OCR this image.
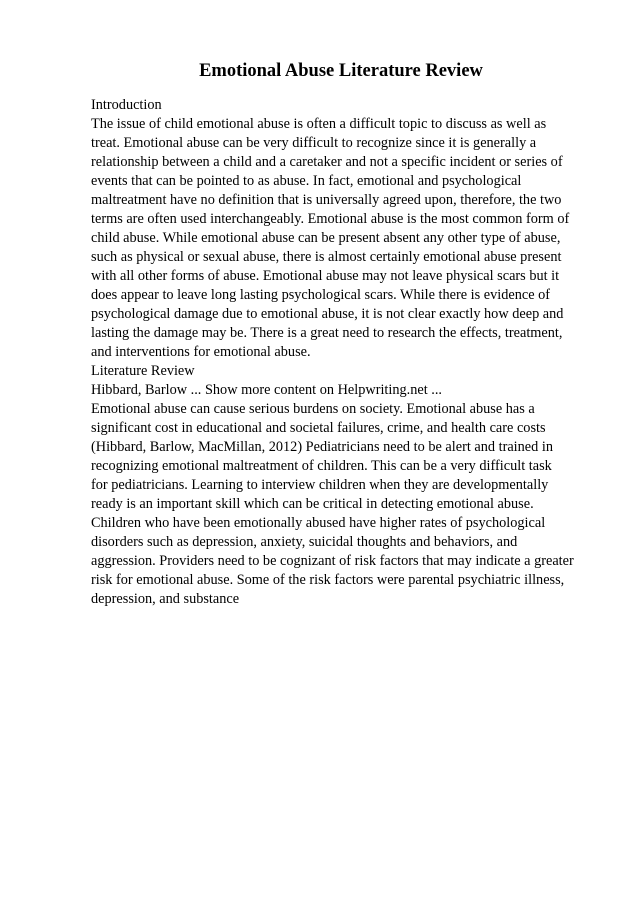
Emotional Abuse Literature Review
Introduction
The issue of child emotional abuse is often a difficult topic to discuss as well as
treat. Emotional abuse can be very difficult to recognize since it is generally a
relationship between a child and a caretaker and not a specific incident or series of
events that can be pointed to as abuse. In fact, emotional and psychological
maltreatment have no definition that is universally agreed upon, therefore, the two
terms are often used interchangeably. Emotional abuse is the most common form of
child abuse. While emotional abuse can be present absent any other type of abuse,
such as physical or sexual abuse, there is almost certainly emotional abuse present
with all other forms of abuse. Emotional abuse may not leave physical scars but it
does appear to leave long lasting psychological scars. While there is evidence of
psychological damage due to emotional abuse, it is not clear exactly how deep and
lasting the damage may be. There is a great need to research the effects, treatment,
and interventions for emotional abuse.
Literature Review
Hibbard, Barlow ... Show more content on Helpwriting.net ...
Emotional abuse can cause serious burdens on society. Emotional abuse has a
significant cost in educational and societal failures, crime, and health care costs
(Hibbard, Barlow, MacMillan, 2012) Pediatricians need to be alert and trained in
recognizing emotional maltreatment of children. This can be a very difficult task
for pediatricians. Learning to interview children when they are developmentally
ready is an important skill which can be critical in detecting emotional abuse.
Children who have been emotionally abused have higher rates of psychological
disorders such as depression, anxiety, suicidal thoughts and behaviors, and
aggression. Providers need to be cognizant of risk factors that may indicate a greater
risk for emotional abuse. Some of the risk factors were parental psychiatric illness,
depression, and substance
